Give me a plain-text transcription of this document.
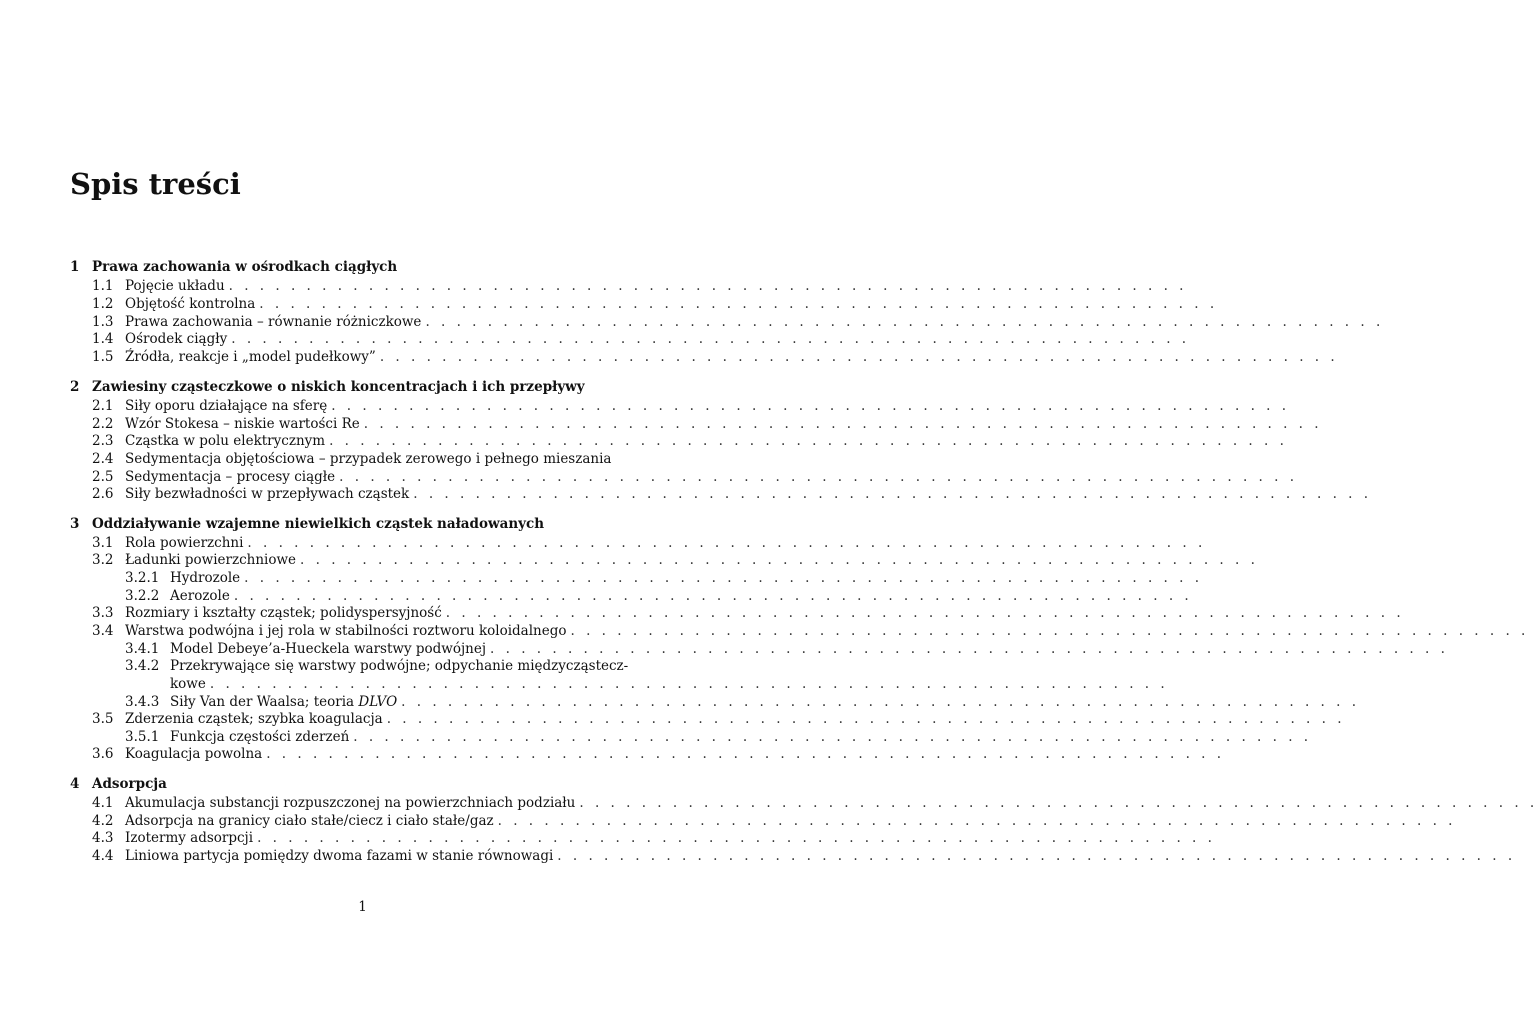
Spis treści
1 Prawa zachowania w ośrodkach ciągłych
1.1 Pojęcie układu . . . . . . . . . . . . . . . . . . . . . . . . . . . . . . . . . . . . . . . . . . . . . . . . . . . . . . . . . . . . . .
1.2 Objętość kontrolna . . . . . . . . . . . . . . . . . . . . . . . . . . . . . . . . . . . . . . . . . . . . . . . . . . . . . . . . . . . . . .
1.3 Prawa zachowania – równanie różniczkowe . . . . . . . . . . . . . . . . . . . . . . . . . . . . . . . . . . . . . . . . . . . . . . . . . . . . . . . . . . . . . .
1.4 Ośrodek ciągły . . . . . . . . . . . . . . . . . . . . . . . . . . . . . . . . . . . . . . . . . . . . . . . . . . . . . . . . . . . . . .
1.5 Źródła, reakcje i „model pudełkowy” . . . . . . . . . . . . . . . . . . . . . . . . . . . . . . . . . . . . . . . . . . . . . . . . . . . . . . . . . . . . . .
2 Zawiesiny cząsteczkowe o niskich koncentracjach i ich przepływy
2.1 Siły oporu działające na sferę . . . . . . . . . . . . . . . . . . . . . . . . . . . . . . . . . . . . . . . . . . . . . . . . . . . . . . . . . . . . . .
2.2 Wzór Stokesa – niskie wartości Re . . . . . . . . . . . . . . . . . . . . . . . . . . . . . . . . . . . . . . . . . . . . . . . . . . . . . . . . . . . . . .
2.3 Cząstka w polu elektrycznym . . . . . . . . . . . . . . . . . . . . . . . . . . . . . . . . . . . . . . . . . . . . . . . . . . . . . . . . . . . . . .
2.4 Sedymentacja objętościowa – przypadek zerowego i pełnego mieszania
2.5 Sedymentacja – procesy ciągłe . . . . . . . . . . . . . . . . . . . . . . . . . . . . . . . . . . . . . . . . . . . . . . . . . . . . . . . . . . . . . .
2.6 Siły bezwładności w przepływach cząstek . . . . . . . . . . . . . . . . . . . . . . . . . . . . . . . . . . . . . . . . . . . . . . . . . . . . . . . . . . . . . .
3 Oddziaływanie wzajemne niewielkich cząstek naładowanych
3.1 Rola powierzchni . . . . . . . . . . . . . . . . . . . . . . . . . . . . . . . . . . . . . . . . . . . . . . . . . . . . . . . . . . . . . .
3.2 Ładunki powierzchniowe . . . . . . . . . . . . . . . . . . . . . . . . . . . . . . . . . . . . . . . . . . . . . . . . . . . . . . . . . . . . . .
3.2.1 Hydrozole . . . . . . . . . . . . . . . . . . . . . . . . . . . . . . . . . . . . . . . . . . . . . . . . . . . . . . . . . . . . . .
3.2.2 Aerozole . . . . . . . . . . . . . . . . . . . . . . . . . . . . . . . . . . . . . . . . . . . . . . . . . . . . . . . . . . . . . .
3.3 Rozmiary i kształty cząstek; polidyspersyjność . . . . . . . . . . . . . . . . . . . . . . . . . . . . . . . . . . . . . . . . . . . . . . . . . . . . . . . . . . . . . .
3.4 Warstwa podwójna i jej rola w stabilności roztworu koloidalnego . . . . . . . . . . . . . . . . . . . . . . . . . . . . . . . . . . . . . . . . . . . . . . . . . . . . . . . . . . . . . .
3.4.1 Model Debeye’a-Hueckela warstwy podwójnej . . . . . . . . . . . . . . . . . . . . . . . . . . . . . . . . . . . . . . . . . . . . . . . . . . . . . . . . . . . . . .
3.4.2 Przekrywające się warstwy podwójne; odpychanie międzycząstecz-
kowe . . . . . . . . . . . . . . . . . . . . . . . . . . . . . . . . . . . . . . . . . . . . . . . . . . . . . . . . . . . . . .
3.4.3 Siły Van der Waalsa; teoria DLVO . . . . . . . . . . . . . . . . . . . . . . . . . . . . . . . . . . . . . . . . . . . . . . . . . . . . . . . . . . . . . .
3.5 Zderzenia cząstek; szybka koagulacja . . . . . . . . . . . . . . . . . . . . . . . . . . . . . . . . . . . . . . . . . . . . . . . . . . . . . . . . . . . . . .
3.5.1 Funkcja częstości zderzeń . . . . . . . . . . . . . . . . . . . . . . . . . . . . . . . . . . . . . . . . . . . . . . . . . . . . . . . . . . . . . .
3.6 Koagulacja powolna . . . . . . . . . . . . . . . . . . . . . . . . . . . . . . . . . . . . . . . . . . . . . . . . . . . . . . . . . . . . . .
4 Adsorpcja
4.1 Akumulacja substancji rozpuszczonej na powierzchniach podziału . . . . . . . . . . . . . . . . . . . . . . . . . . . . . . . . . . . . . . . . . . . . . . . . . . . . . . . . . . . . . .
4.2 Adsorpcja na granicy ciało stałe/ciecz i ciało stałe/gaz . . . . . . . . . . . . . . . . . . . . . . . . . . . . . . . . . . . . . . . . . . . . . . . . . . . . . . . . . . . . . .
4.3 Izotermy adsorpcji . . . . . . . . . . . . . . . . . . . . . . . . . . . . . . . . . . . . . . . . . . . . . . . . . . . . . . . . . . . . . .
4.4 Liniowa partycja pomiędzy dwoma fazami w stanie równowagi . . . . . . . . . . . . . . . . . . . . . . . . . . . . . . . . . . . . . . . . . . . . . . . . . . . . . . . . . . . . . .
1
